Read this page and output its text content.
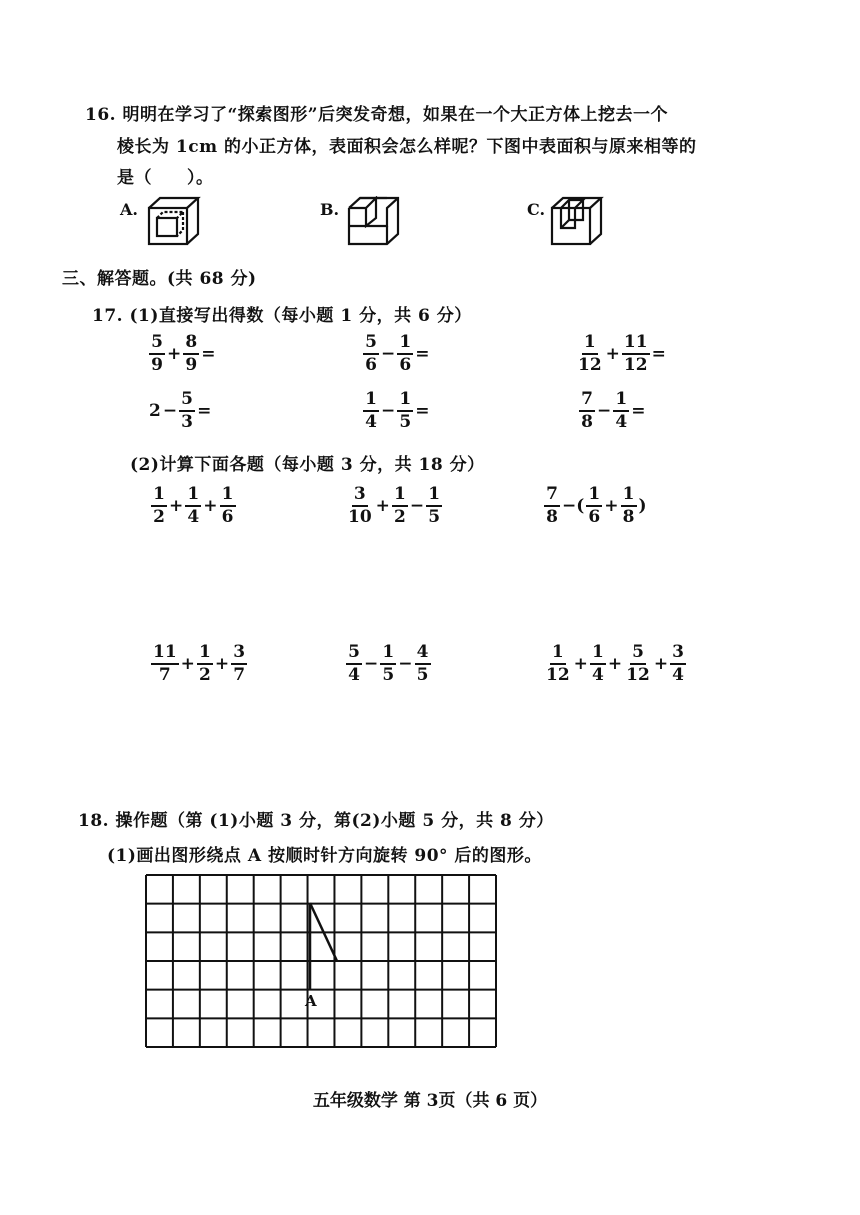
16. 明明在学习了“探索图形”后突发奇想，如果在一个大正方体上挖去一个
棱长为 1cm 的小正方体，表面积会怎么样呢？下图中表面积与原来相等的
是（　　）。
A.	B.	C.
三、解答题。(共 68 分)
17. (1)直接写出得数（每小题 1 分，共 6 分）
$\frac{5}{9} + \frac{8}{9}$ =	$\frac{5}{6} - \frac{1}{6}$ =	$\frac{1}{12} + \frac{11}{12}$ =
$2 - \frac{5}{3}$ =	$\frac{1}{4} - \frac{1}{5}$ =	$\frac{7}{8} - \frac{1}{4}$ =
(2)计算下面各题（每小题 3 分，共 18 分）
$\frac{1}{2} + \frac{1}{4} + \frac{1}{6}$	$\frac{3}{10} + \frac{1}{2} - \frac{1}{5}$	$\frac{7}{8}$ −( $\frac{1}{6} + \frac{1}{8}$ )
$\frac{11}{7} + \frac{1}{2} + \frac{3}{7}$	$\frac{5}{4} - \frac{1}{5} - \frac{4}{5}$	$\frac{1}{12} + \frac{1}{4} + \frac{5}{12} + \frac{3}{4}$
18. 操作题（第 (1)小题 3 分，第(2)小题 5 分，共 8 分）
(1)画出图形绕点 A 按顺时针方向旋转 90° 后的图形。
A
五年级数学 第 3页（共 6 页）
